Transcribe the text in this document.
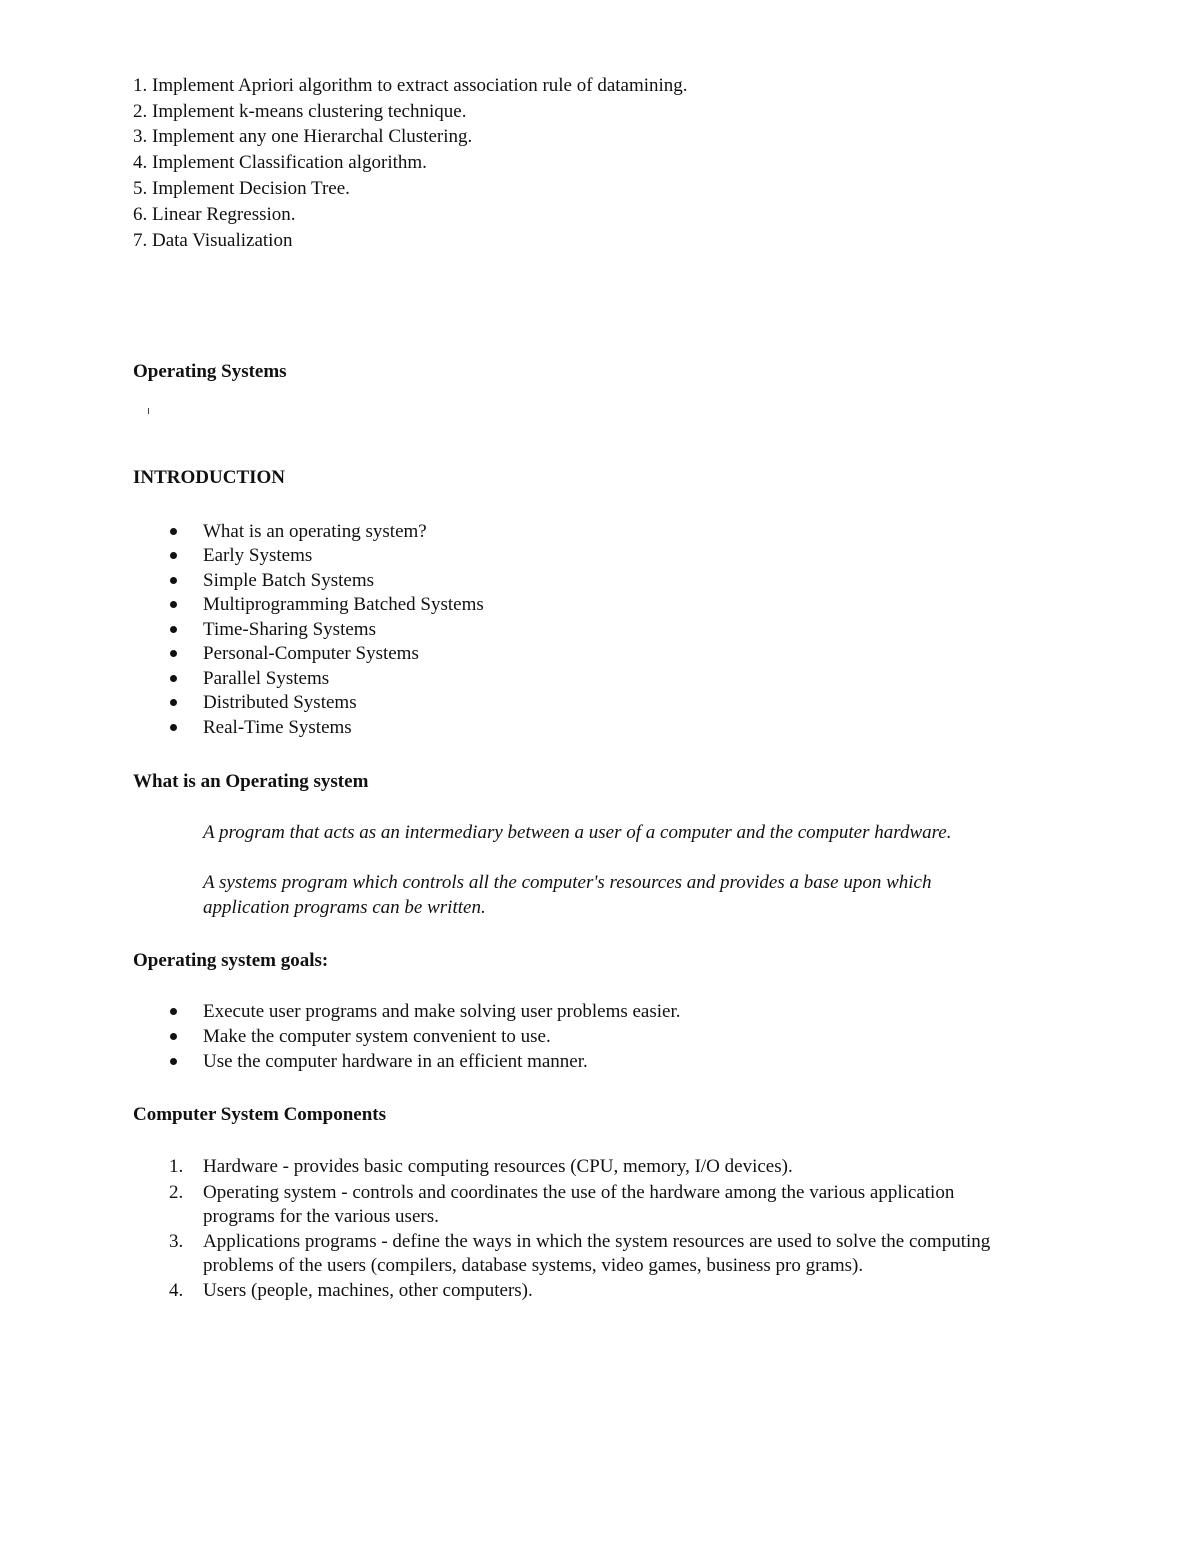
1. Implement Apriori algorithm to extract association rule of datamining.
2. Implement k-means clustering technique.
3. Implement any one Hierarchal Clustering.
4. Implement Classification algorithm.
5. Implement Decision Tree.
6. Linear Regression.
7. Data Visualization
Operating Systems
INTRODUCTION
What is an operating system?
Early Systems
Simple Batch Systems
Multiprogramming Batched Systems
Time-Sharing Systems
Personal-Computer Systems
Parallel Systems
Distributed Systems
Real-Time Systems
What is an Operating system
A program that acts as an intermediary between a user of a computer and the computer hardware.
A systems program which controls all the computer's resources and provides a base upon which
application programs can be written.
Operating system goals:
Execute user programs and make solving user problems easier.
Make the computer system convenient to use.
Use the computer hardware in an efficient manner.
Computer System Components
1. Hardware - provides basic computing resources (CPU, memory, I/O devices).
2. Operating system - controls and coordinates the use of the hardware among the various application
programs for the various users.
3. Applications programs - define the ways in which the system resources are used to solve the computing
problems of the users (compilers, database systems, video games, business pro grams).
4. Users (people, machines, other computers).
